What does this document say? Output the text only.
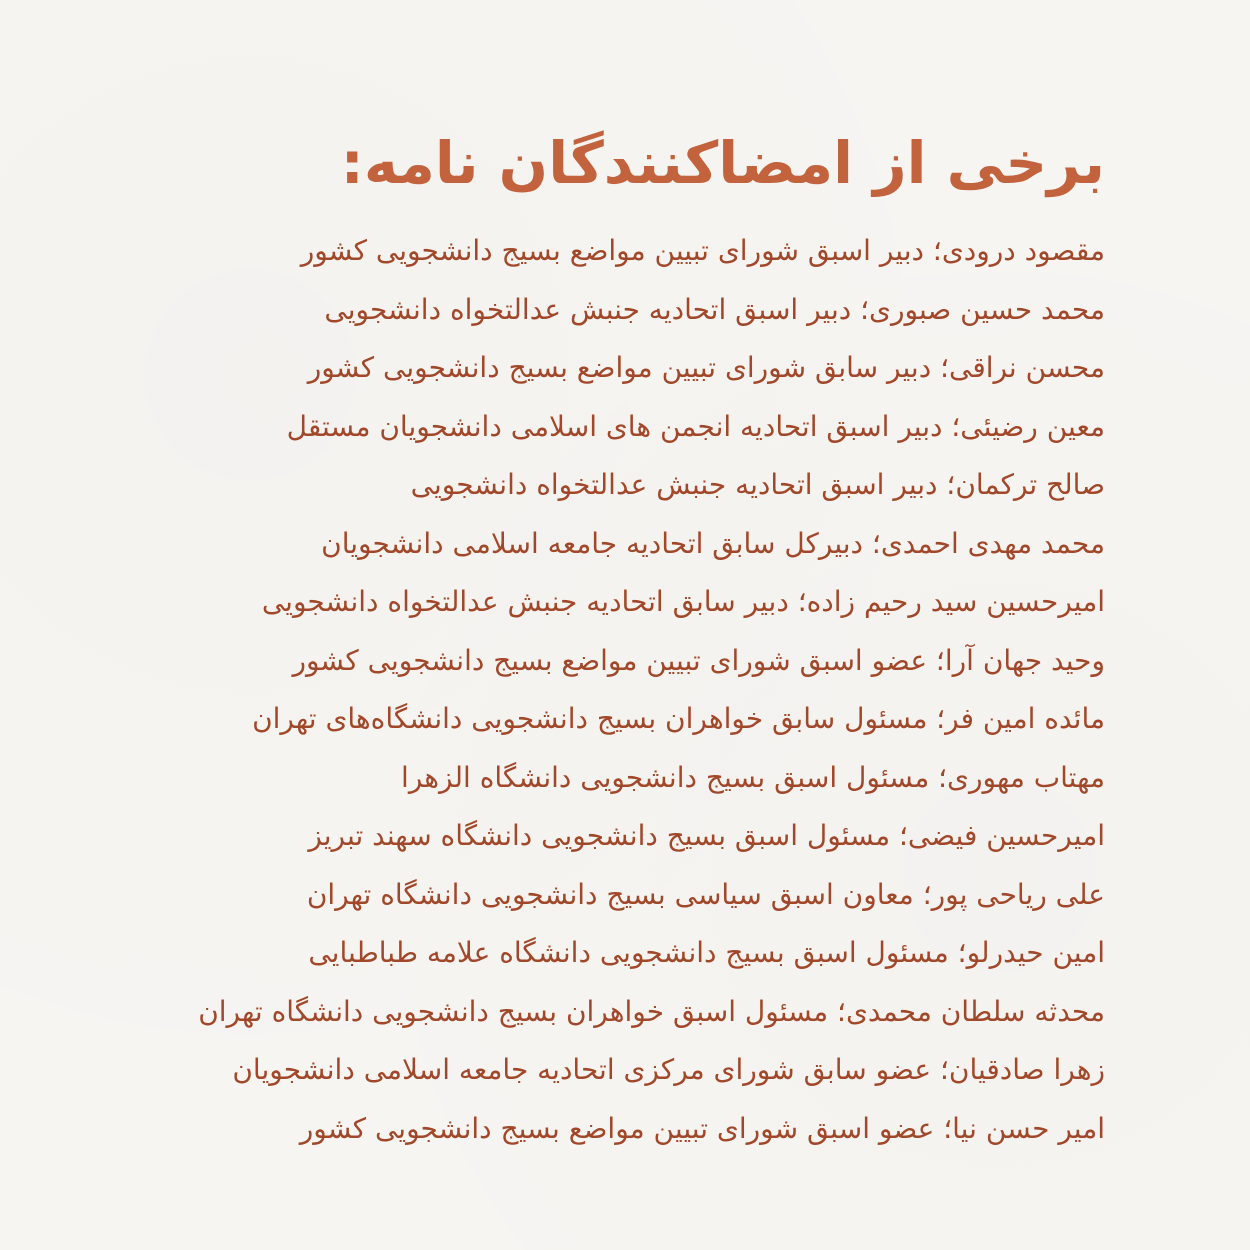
برخی از امضاکنندگان نامه:
مقصود درودی؛ دبیر اسبق شورای تبیین مواضع بسیج دانشجویی کشور
محمد حسین صبوری؛ دبیر اسبق اتحادیه جنبش عدالتخواه دانشجویی
محسن نراقی؛ دبیر سابق شورای تبیین مواضع بسیج دانشجویی کشور
معین رضیئی؛ دبیر اسبق اتحادیه انجمن های اسلامی دانشجویان مستقل
صالح ترکمان؛ دبیر اسبق اتحادیه جنبش عدالتخواه دانشجویی
محمد مهدی احمدی؛ دبیرکل سابق اتحادیه جامعه اسلامی دانشجویان
امیرحسین سید رحیم زاده؛ دبیر سابق اتحادیه جنبش عدالتخواه دانشجویی
وحید جهان آرا؛ عضو اسبق شورای تبیین مواضع بسیج دانشجویی کشور
مائده امین فر؛ مسئول سابق خواهران بسیج دانشجویی دانشگاه‌های تهران
مهتاب مهوری؛ مسئول اسبق بسیج دانشجویی دانشگاه الزهرا
امیرحسین فیضی؛ مسئول اسبق بسیج دانشجویی دانشگاه سهند تبریز
علی ریاحی پور؛ معاون اسبق سیاسی بسیج دانشجویی دانشگاه تهران
امین حیدرلو؛ مسئول اسبق بسیج دانشجویی دانشگاه علامه طباطبایی
محدثه سلطان محمدی؛ مسئول اسبق خواهران بسیج دانشجویی دانشگاه تهران
زهرا صادقیان؛ عضو سابق شورای مرکزی اتحادیه جامعه اسلامی دانشجویان
امیر حسن نیا؛ عضو اسبق شورای تبیین مواضع بسیج دانشجویی کشور
